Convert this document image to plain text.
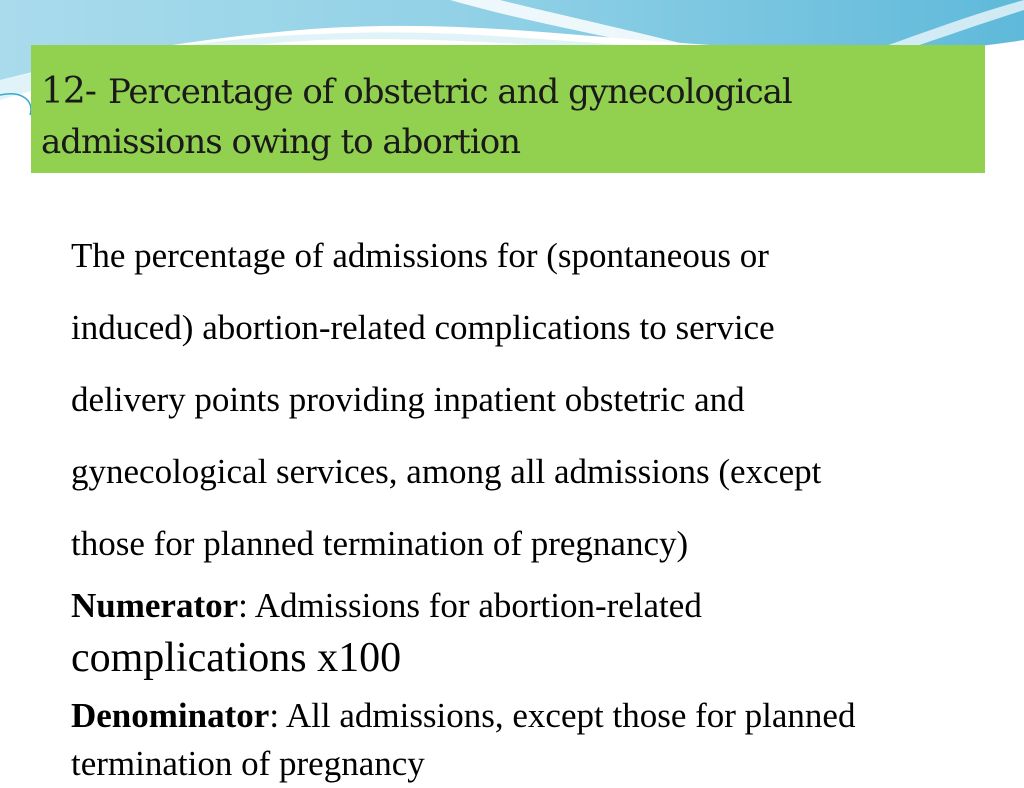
12- Percentage of obstetric and gynecological
admissions owing to abortion

The percentage of admissions for (spontaneous or

induced) abortion-related complications to service

delivery points providing inpatient obstetric and

gynecological services, among all admissions (except

those for planned termination of pregnancy)

Numerator: Admissions for abortion-related
complications x100
Denominator: All admissions, except those for planned
termination of pregnancy
